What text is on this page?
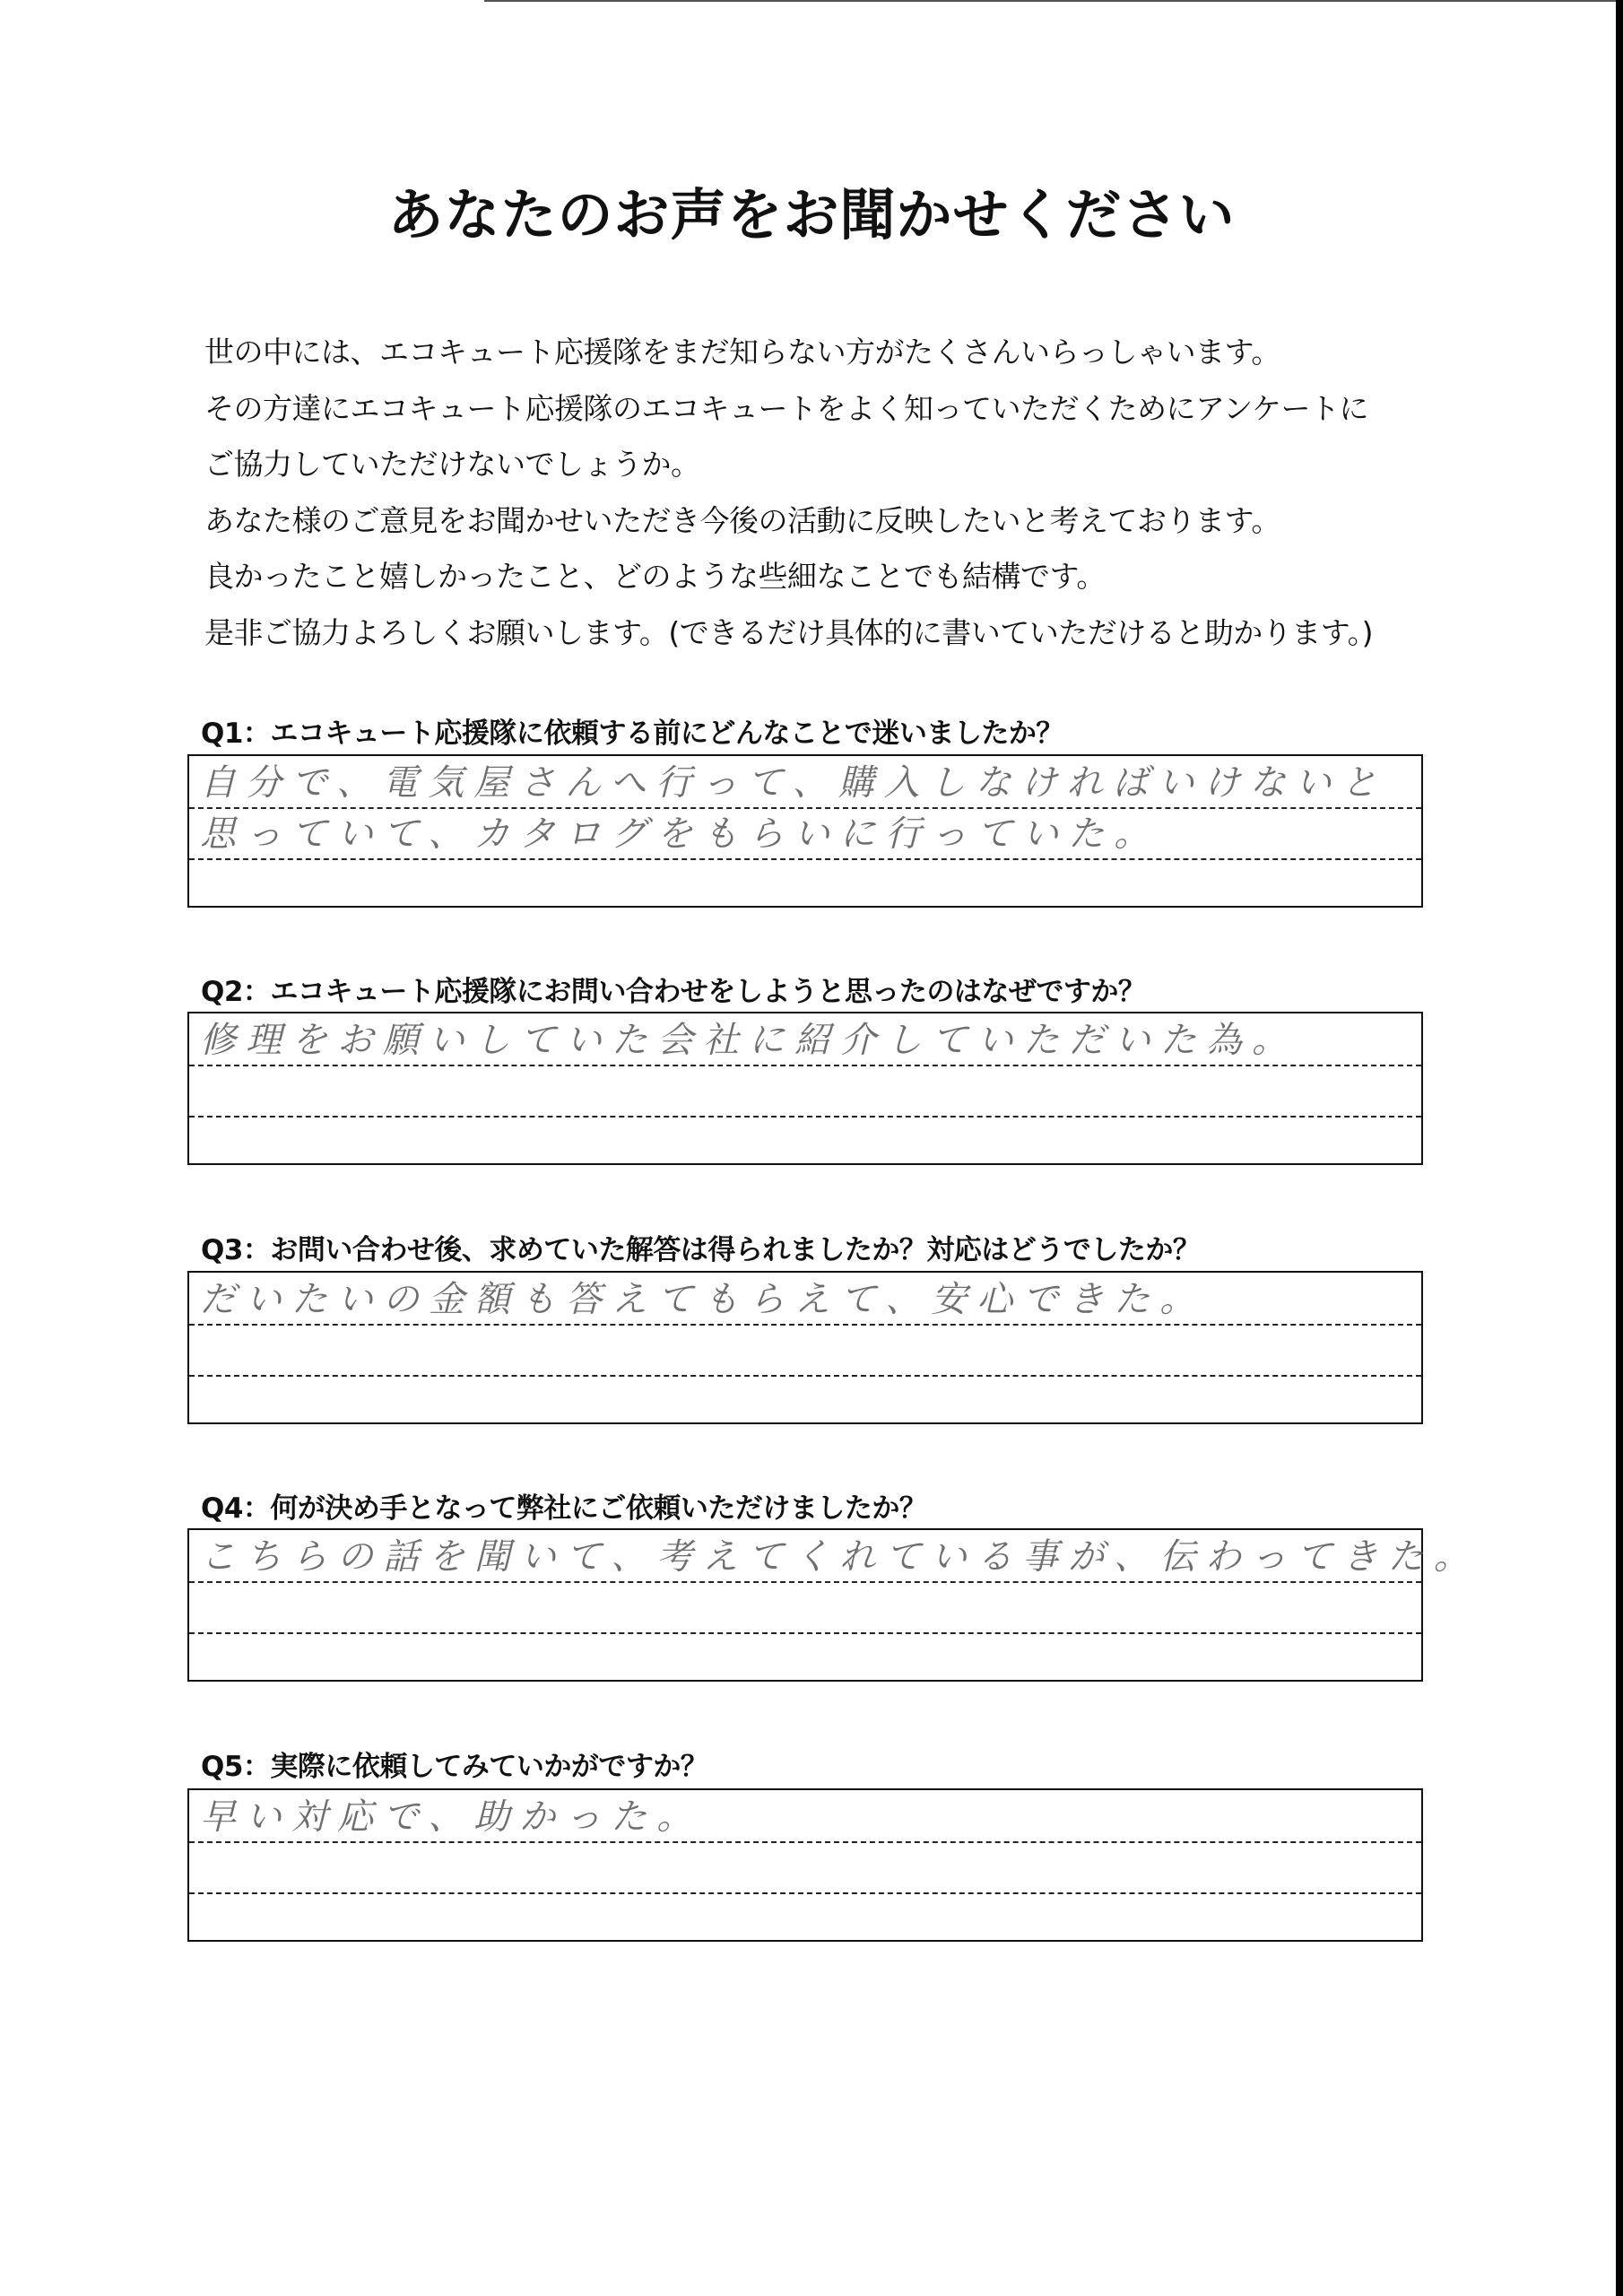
あなたのお声をお聞かせください
世の中には、エコキュート応援隊をまだ知らない方がたくさんいらっしゃいます。
その方達にエコキュート応援隊のエコキュートをよく知っていただくためにアンケートに
ご協力していただけないでしょうか。
あなた様のご意見をお聞かせいただき今後の活動に反映したいと考えております。
良かったこと嬉しかったこと、どのような些細なことでも結構です。
是非ご協力よろしくお願いします。(できるだけ具体的に書いていただけると助かります。)
Q1：エコキュート応援隊に依頼する前にどんなことで迷いましたか？
自分で、電気屋さんへ行って、購入しなければいけないと
思っていて、カタログをもらいに行っていた。
Q2：エコキュート応援隊にお問い合わせをしようと思ったのはなぜですか？
修理をお願いしていた会社に紹介していただいた為。
Q3：お問い合わせ後、求めていた解答は得られましたか？対応はどうでしたか？
だいたいの金額も答えてもらえて、安心できた。
Q4：何が決め手となって弊社にご依頼いただけましたか？
こちらの話を聞いて、考えてくれている事が、伝わってきた。
Q5：実際に依頼してみていかがですか？
早い対応で、助かった。
